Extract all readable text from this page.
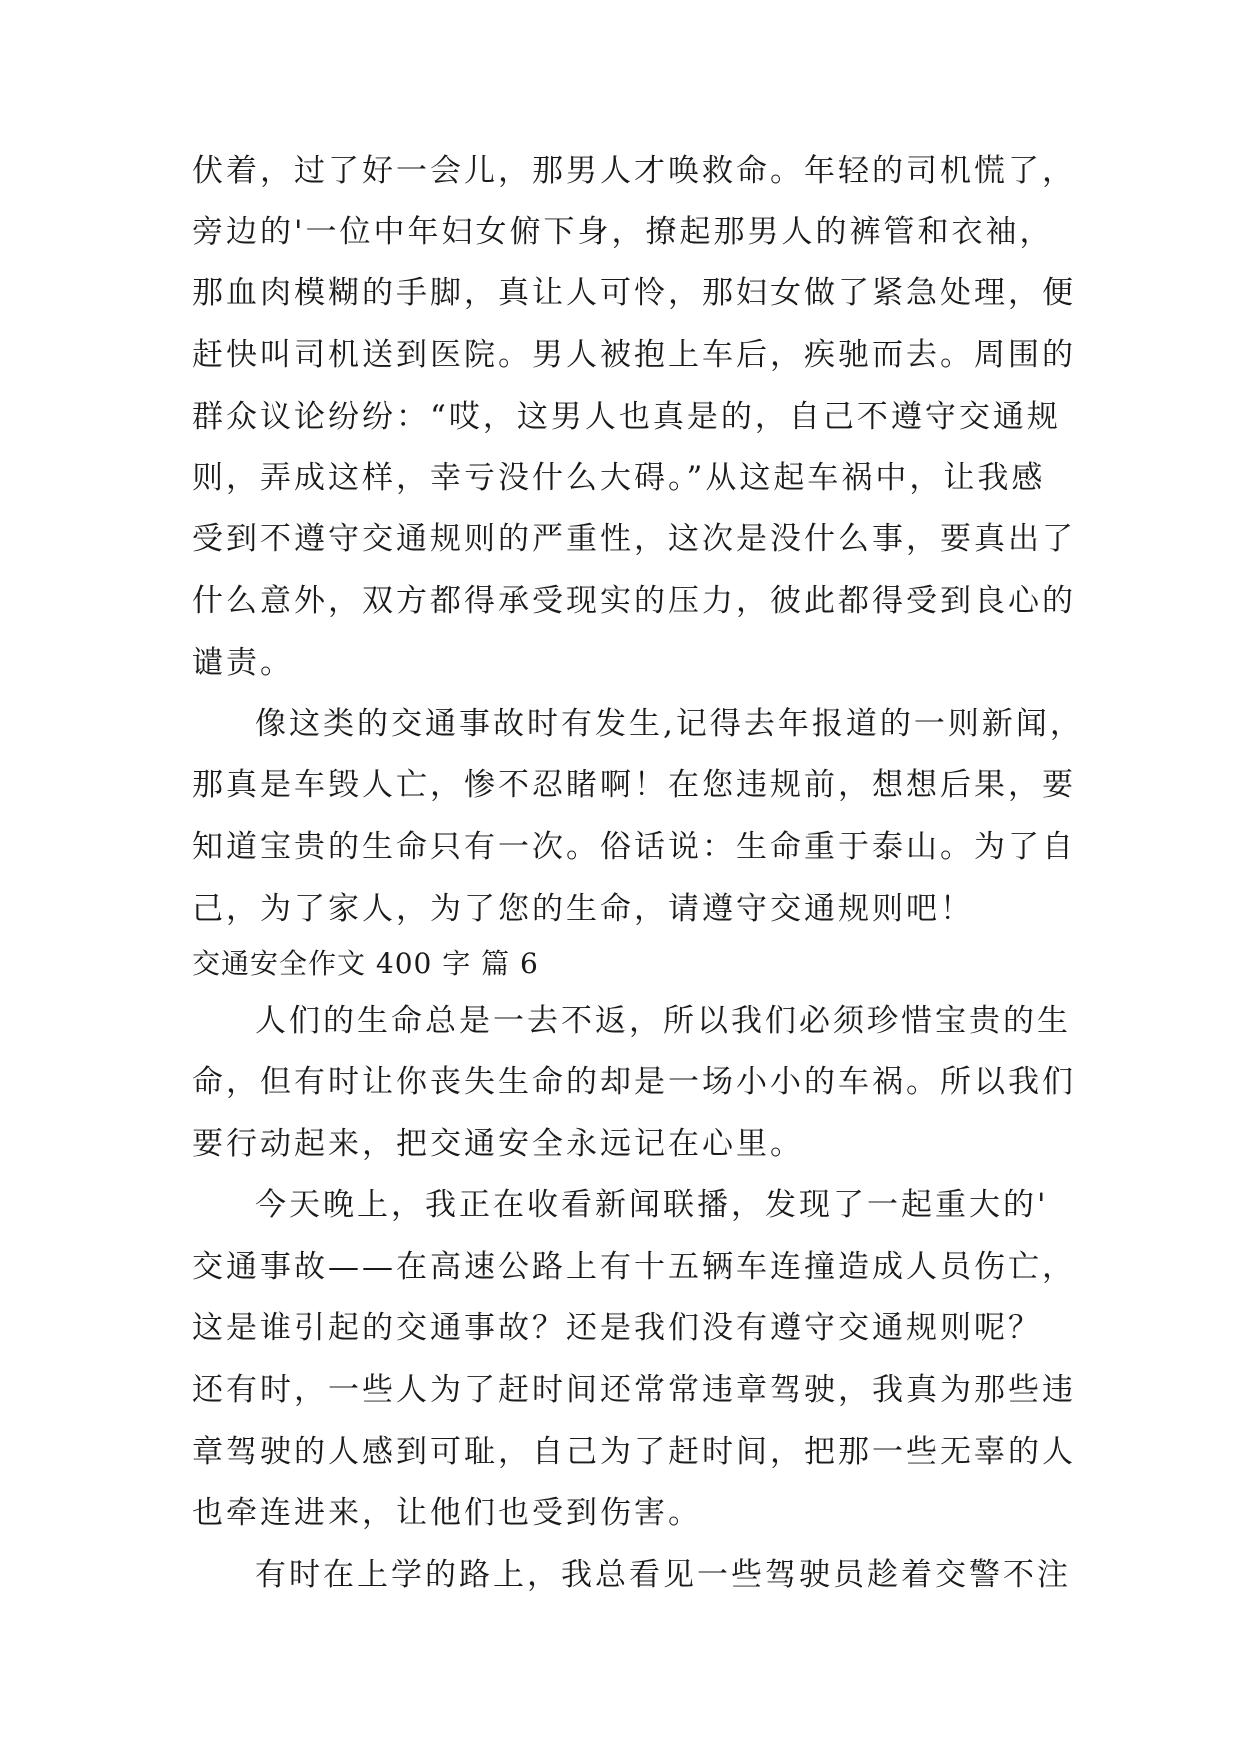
伏着，过了好一会儿，那男人才唤救命。年轻的司机慌了，
旁边的'一位中年妇女俯下身，撩起那男人的裤管和衣袖，
那血肉模糊的手脚，真让人可怜，那妇女做了紧急处理，便
赶快叫司机送到医院。男人被抱上车后，疾驰而去。周围的
群众议论纷纷：“哎，这男人也真是的，自己不遵守交通规
则，弄成这样，幸亏没什么大碍。”从这起车祸中，让我感
受到不遵守交通规则的严重性，这次是没什么事，要真出了
什么意外，双方都得承受现实的压力，彼此都得受到良心的
谴责。
像这类的交通事故时有发生,记得去年报道的一则新闻，
那真是车毁人亡，惨不忍睹啊！在您违规前，想想后果，要
知道宝贵的生命只有一次。俗话说：生命重于泰山。为了自
己，为了家人，为了您的生命，请遵守交通规则吧！
交通安全作文 400 字 篇 6
人们的生命总是一去不返，所以我们必须珍惜宝贵的生
命，但有时让你丧失生命的却是一场小小的车祸。所以我们
要行动起来，把交通安全永远记在心里。
今天晚上，我正在收看新闻联播，发现了一起重大的'
交通事故——在高速公路上有十五辆车连撞造成人员伤亡，
这是谁引起的交通事故？还是我们没有遵守交通规则呢？
还有时，一些人为了赶时间还常常违章驾驶，我真为那些违
章驾驶的人感到可耻，自己为了赶时间，把那一些无辜的人
也牵连进来，让他们也受到伤害。
有时在上学的路上，我总看见一些驾驶员趁着交警不注
